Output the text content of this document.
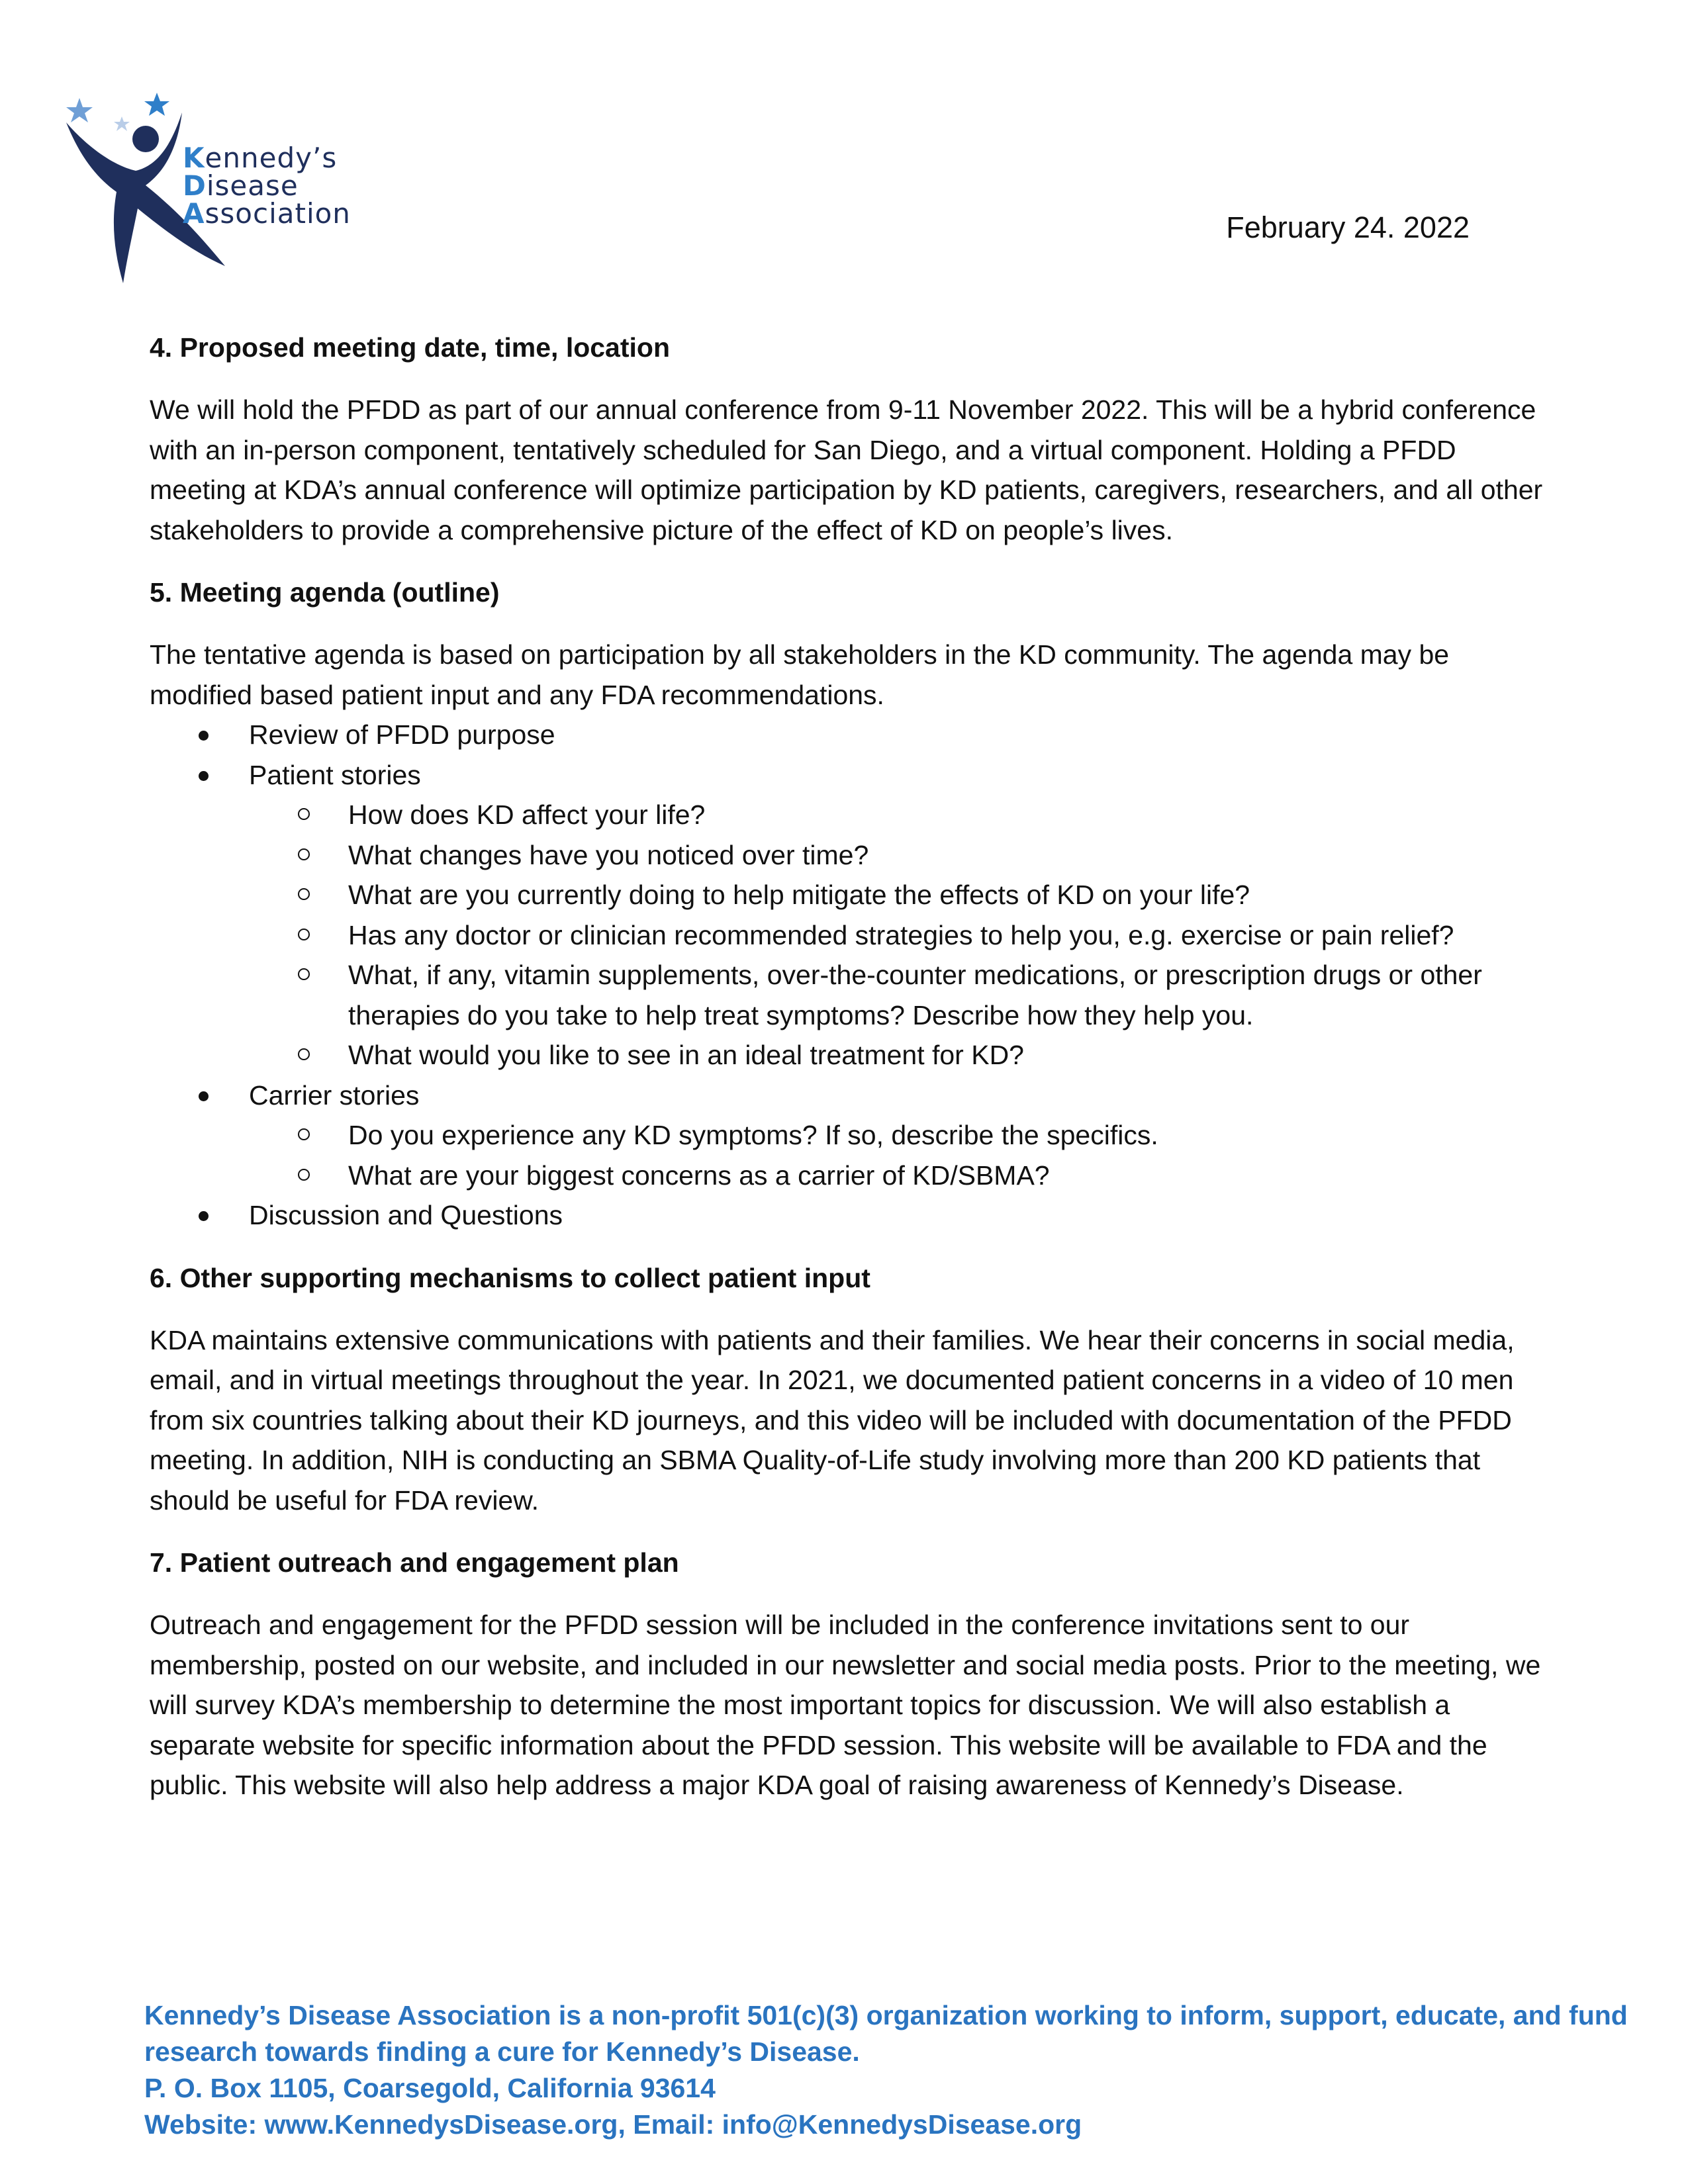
Kennedy’s
Disease
Association	February 24. 2022
4. Proposed meeting date, time, location
We will hold the PFDD as part of our annual conference from 9-11 November 2022. This will be a hybrid conference with an in-person component, tentatively scheduled for San Diego, and a virtual component. Holding a PFDD meeting at KDA’s annual conference will optimize participation by KD patients, caregivers, researchers, and all other stakeholders to provide a comprehensive picture of the effect of KD on people’s lives.
5. Meeting agenda (outline)
The tentative agenda is based on participation by all stakeholders in the KD community. The agenda may be modified based patient input and any FDA recommendations.
Review of PFDD purpose
Patient stories
How does KD affect your life?
What changes have you noticed over time?
What are you currently doing to help mitigate the effects of KD on your life?
Has any doctor or clinician recommended strategies to help you, e.g. exercise or pain relief?
What, if any, vitamin supplements, over-the-counter medications, or prescription drugs or other therapies do you take to help treat symptoms? Describe how they help you.
What would you like to see in an ideal treatment for KD?
Carrier stories
Do you experience any KD symptoms? If so, describe the specifics.
What are your biggest concerns as a carrier of KD/SBMA?
Discussion and Questions
6. Other supporting mechanisms to collect patient input
KDA maintains extensive communications with patients and their families. We hear their concerns in social media, email, and in virtual meetings throughout the year. In 2021, we documented patient concerns in a video of 10 men from six countries talking about their KD journeys, and this video will be included with documentation of the PFDD meeting. In addition, NIH is conducting an SBMA Quality-of-Life study involving more than 200 KD patients that should be useful for FDA review.
7. Patient outreach and engagement plan
Outreach and engagement for the PFDD session will be included in the conference invitations sent to our membership, posted on our website, and included in our newsletter and social media posts. Prior to the meeting, we will survey KDA’s membership to determine the most important topics for discussion. We will also establish a separate website for specific information about the PFDD session. This website will be available to FDA and the public. This website will also help address a major KDA goal of raising awareness of Kennedy’s Disease.
Kennedy’s Disease Association is a non-profit 501(c)(3) organization working to inform, support, educate, and fund
research towards finding a cure for Kennedy’s Disease.
P. O. Box 1105, Coarsegold, California 93614
Website: www.KennedysDisease.org, Email: info@KennedysDisease.org
